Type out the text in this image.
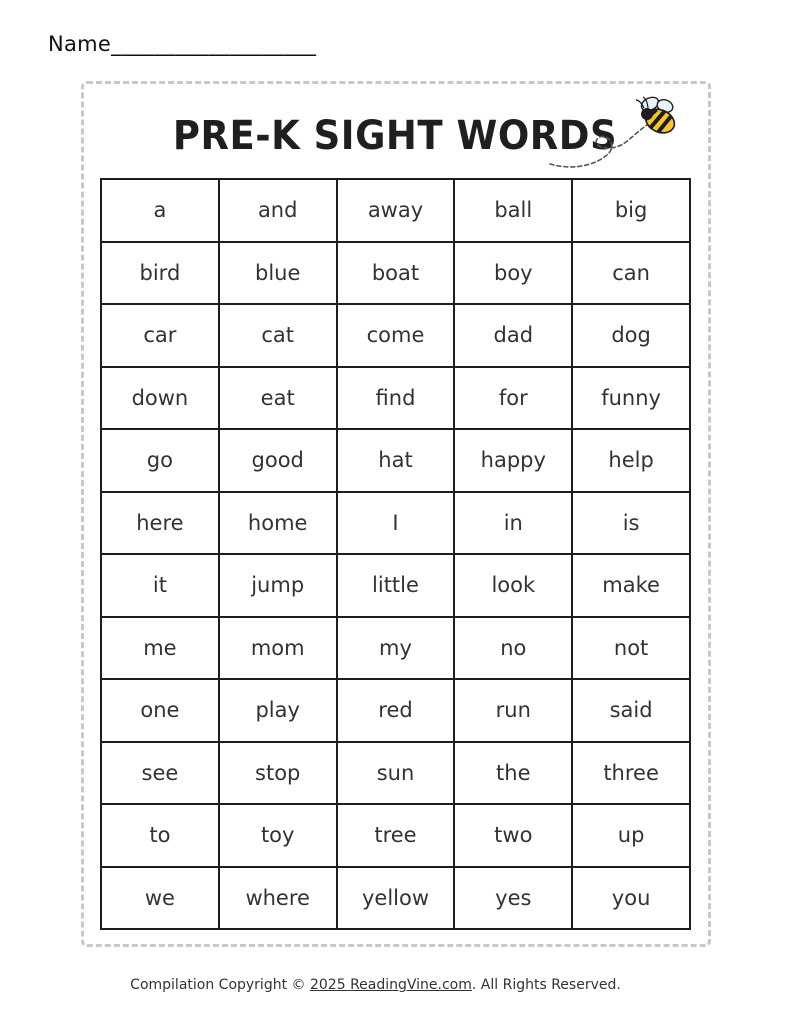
Name___________________
PRE-K SIGHT WORDS
a	and	away	ball	big
bird	blue	boat	boy	can
car	cat	come	dad	dog
down	eat	find	for	funny
go	good	hat	happy	help
here	home	I	in	is
it	jump	little	look	make
me	mom	my	no	not
one	play	red	run	said
see	stop	sun	the	three
to	toy	tree	two	up
we	where	yellow	yes	you
Compilation Copyright © 2025 ReadingVine.com. All Rights Reserved.
